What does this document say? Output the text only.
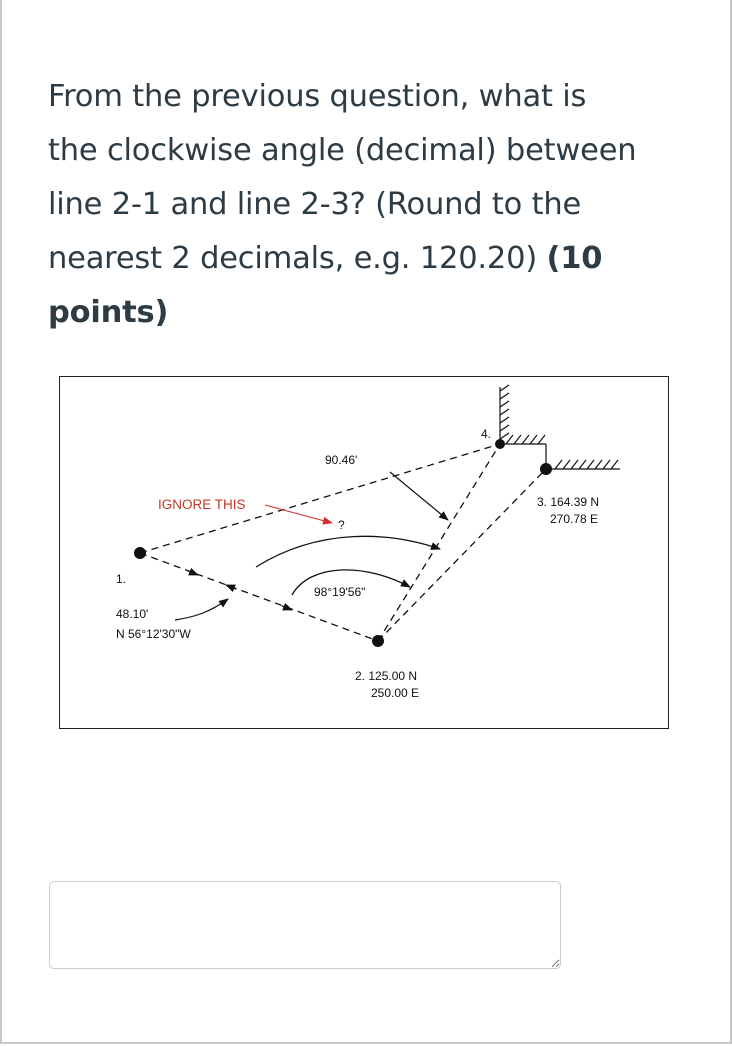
From the previous question, what is
the clockwise angle (decimal) between
line 2-1 and line 2-3? (Round to the
nearest 2 decimals, e.g. 120.20) (10
points)
90.46'
IGNORE THIS
?
1.
48.10'
N 56°12'30"W
98°19'56"
2. 125.00 N
250.00 E
3. 164.39 N
270.78 E
4.
